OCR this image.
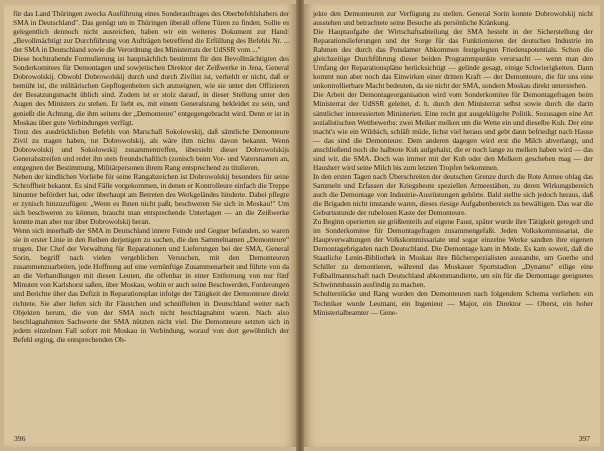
für das Land Thüringen zwecks Ausführung eines Sonderauftrages des Oberbefehlshabers der SMA in Deutschland". Das genügt um in Thüringen überall offene Türen zu finden. Sollte es gelegentlich dennoch nicht ausreichen, haben wir ein weiteres Dokument zur Hand: „Bevollmächtigt zur Durchführung von Aufträgen betreffend die Erfüllung des Befehls Nr. ... der SMA in Deutschland sowie die Verordnung des Ministerrats der UdSSR vom ..."

Diese hochtrabende Formulierung ist hauptsächlich bestimmt für den Bevollmächtigten des Sonderkomitees für Demontagen und sowjetischen Direktor der Zeißwerke in Jena, General Dobrowolskij. Obwohl Dobrowolskij durch und durch Zivilist ist, verhehlt er nicht, daß er bemüht ist, die militärischen Gepflogenheiten sich anzueignen, wie sie unter den Offizieren der Besatzungsmacht üblich sind. Zudem ist er stolz darauf, in dieser Stellung unter den Augen des Ministers zu stehen. Er liebt es, mit einem Generalsrang bekleidet zu sein, und genießt die Achtung, die ihm seitens der „Demonteure" entgegengebracht wird. Denn er ist in Moskau über gute Verbindungen verfügt.

Trotz des ausdrücklichen Befehls von Marschall Sokolowskij, daß sämtliche Demonteure Zivil zu tragen haben, tut Dobrowolskij, als wäre ihm nichts davon bekannt. Wenn Dobrowolskij und Sokolowskij zusammentreffen, übersieht dieser Dobrowolskijs Generalsstreifen und redet ihn stets freundschaftlich (zonisch beim Vor- und Vatersnamen an, entgegnen der Bestimmung, Militärpersonen ihrem Rang entsprechend zu titulieren.

Neben der kindlichen Vorliebe für seine Rangabzeichen ist Dobrowolskij besonders für seine Schroffheit bekannt. Es sind Fälle vorgekommen, in denen er Kontrolleure einfach die Treppe hinunter befördert hat, oder überhaupt am Betreten des Werkgeländes hinderte. Dabei pflegte er zynisch hinzuzufügen: „Wenn es Ihnen nicht paßt, beschweren Sie sich in Moskau!" Um sich beschweren zu können, braucht man entsprechende Unterlagen — an die Zeißwerke konnte man aber nur über Dobrowolskij heran.

Wenn sich innerhalb der SMA in Deutschland innere Feinde und Gegner befanden, so waren sie in erster Linie in den Reihen derjenigen zu suchen, die den Sammelnamen „Demonteure" trugen. Der Chef der Verwaltung für Reparationen und Lieferungen bei der SMA, General Sorin, begriff nach vielen vergeblichen Versuchen, mit den Demonteuren zusammenzuarbeiten, jede Hoffnung auf eine vernünftige Zusammenarbeit und führte von da an die Verhandlungen mit diesen Leuten, die offenbar in einer Entfernung von nur fünf Minuten von Karlshorst saßen, über Moskau, wohin er auch seine Beschwerden, Forderungen und Berichte über das Defizit in Reparationsplan infolge der Tätigkeit der Demonteure direkt richtete. Sie aber liefen sich ihr Fäustchen und schnüffelten in Deutschland weiter nach Objekten herum, die von der SMA noch nicht beschlagnahmt waren. Nach also beschlagnahmten Sachwerte der SMA nützten nicht viel. Die Demonteure setzten sich in jedem einzelnen Fall sofort mit Moskau in Verbindung, worauf von dort gewöhnlich der Befehl erging, die entsprechenden Ob-

396

jekte den Demonteuren zur Verfügung zu stellen. General Sorin konnte Dobrowolskij nicht ausstehen und betrachtete seine Besuche als persönliche Kränkung.

Die Hauptaufgabe der Wirtschaftsabteilung der SMA besteht in der Sicherstellung der Reparationslieferungen und der Sorge für das Funktionieren der deutschen Industrie im Rahmen des durch das Potsdamer Abkommen festgelegten Friedenspotentials. Schon die gleichzeitige Durchführung dieser beiden Programmpunkte verursacht — wenn man den Umfang der Reparationspläne berücksichtigt — gelinde gesagt, einige Schwierigkeiten. Dann kommt nun aber noch das Einwirken einer dritten Kraft — der Demonteure, die für uns eine unkontrollierbare Macht bedeuten, da sie nicht der SMA, sondern Moskau direkt unterstehen.

Die Arbeit der Demontageorganisation wird vom Sonderkomitee für Demontagefragen beim Ministerrat der UdSSR geleitet, d. h. durch den Ministerrat selbst sowie durch die darin sämtlicher interessierten Ministerien. Eine recht gut ausgeklügelte Politik. Sozusagen eine Art sozialistischen Wettbewerbs: zwei Melker melken um die Wette ein und dieselbe Kuh. Der eine macht's wie ein Wildsich, schläft müde, lichst viel heraus und gebt dann befriedigt nach Hause — das sind die Demonteure. Dem anderen dagegen wird erst die Milch abverlangt, und anschließend noch die halbtote Kuh aufgehalst, die er noch lange zu melken haben wird — das sind wir, die SMA. Doch was immer mit der Kuh oder den Melkern geschehen mag — der Hausherr wird seine Milch bis zum letzten Tropfen bekommen.

In den ersten Tagen nach Überschreiten der deutschen Grenze durch die Rote Armee oblag das Sammeln und Erfassen der Kriegsbeute speziellen Armeestäben, zu deren Wirkungsbereich auch die Demontage von Industrie-Ausrüstungen gehörte. Bald stellte sich jedoch heraus, daß die Brigaden nicht imstande waren, dieses riesige Aufgabenbereich zu bewältigen. Das war die Geburtsstunde der ruhelosen Kaste der Demonteure.

Zu Beginn operierten sie größtenteils auf eigene Faust, später wurde ihre Tätigkeit geregelt und im Sonderkomitee für Demontagefragen zusammengefaßt. Jeden Volkskommissariat, die Hauptverwaltungen der Volkskommissariate und sogar einzelne Werke sandten ihre eigenen Demontagebrigaden nach Deutschland. Die Demontage kam in Mode. Es kam soweit, daß die Staatliche Lenin-Bibliothek in Moskau ihre Bücherspezialisten aussandte, um Goethe und Schiller zu demontieren, während das Moskauer Sportstadion „Dynamo" eilige eine Fußballmannschaft nach Deutschland abkommandierte, um ein für die Demontage geeignetes Schwimmbassin ausfindig zu machen.

Schulterstücke und Rang wurden den Demonteuren nach folgendem Schema verliehen: ein Techniker wurde Leutnant, ein Ingenieur — Major, ein Direktor — Oberst, ein hoher Ministerialbeamter — Gene-

397
